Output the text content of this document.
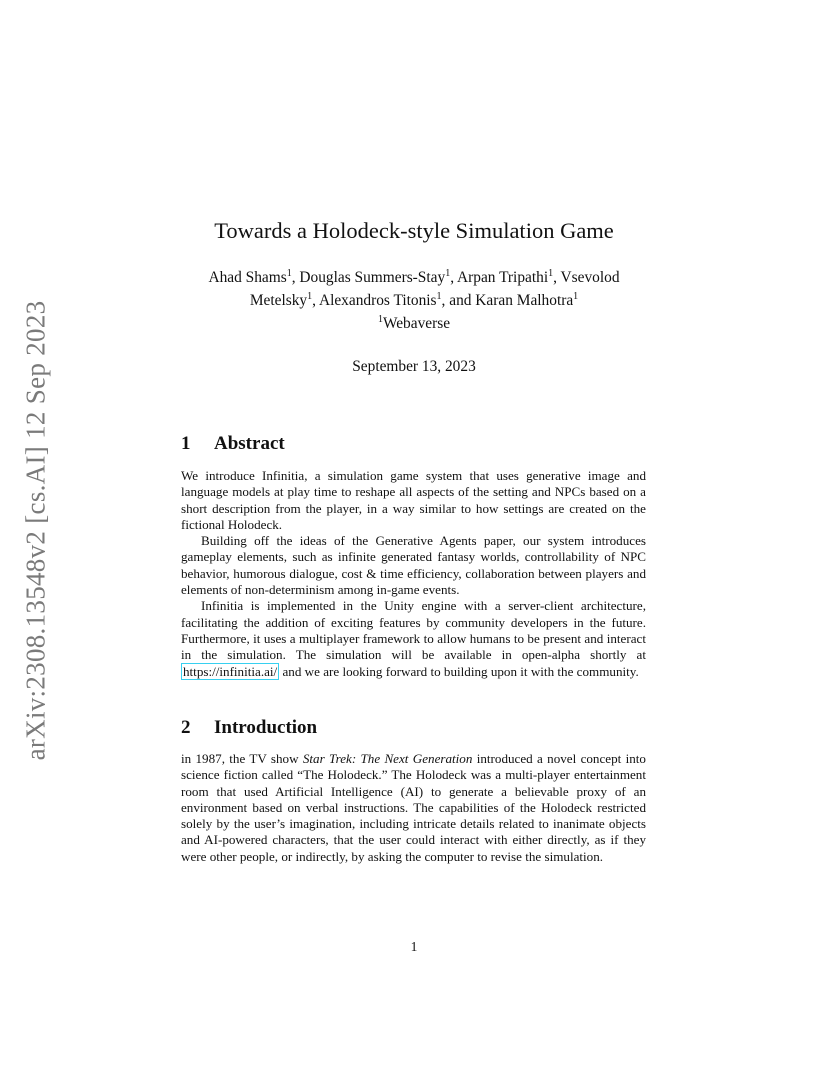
arXiv:2308.13548v2 [cs.AI] 12 Sep 2023
Towards a Holodeck-style Simulation Game
Ahad Shams$^1$, Douglas Summers-Stay$^1$, Arpan Tripathi$^1$, Vsevolod
Metelsky$^1$, Alexandros Titonis$^1$, and Karan Malhotra$^1$
$^1$Webaverse
September 13, 2023
1	Abstract

We introduce Infinitia, a simulation game system that uses generative image and language models at play time to reshape all aspects of the setting and NPCs based on a short description from the player, in a way similar to how settings are created on the fictional Holodeck.

Building off the ideas of the Generative Agents paper, our system introduces gameplay elements, such as infinite generated fantasy worlds, controllability of NPC behavior, humorous dialogue, cost & time efficiency, collaboration between players and elements of non-determinism among in-game events.

Infinitia is implemented in the Unity engine with a server-client architecture, facilitating the addition of exciting features by community developers in the future. Furthermore, it uses a multiplayer framework to allow humans to be present and interact in the simulation. The simulation will be available in open-alpha shortly at https://infinitia.ai/ and we are looking forward to building upon it with the community.

2	Introduction

in 1987, the TV show Star Trek: The Next Generation introduced a novel concept into science fiction called “The Holodeck.” The Holodeck was a multi-player entertainment room that used Artificial Intelligence (AI) to generate a believable proxy of an environment based on verbal instructions. The capabilities of the Holodeck restricted solely by the user’s imagination, including intricate details related to inanimate objects and AI-powered characters, that the user could interact with either directly, as if they were other people, or indirectly, by asking the computer to revise the simulation.

1
